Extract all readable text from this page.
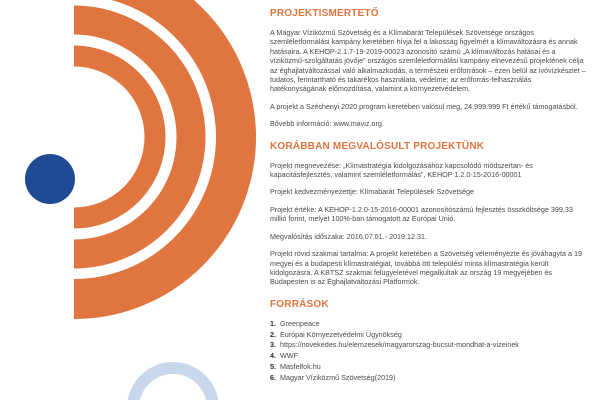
PROJEKTISMERTETŐ

A Magyar Víziközmű Szövetség és a Klímabarát Települések Szövetsége országos szemléletformálási kampány keretében hívja fel a lakosság figyelmét a klímaváltozásra és annak hatásaira. A KEHOP-2.1.7-19-2019-00023 azonosító számú „A klímaváltozás hatásai és a víziközmű-szolgáltatás jövője” országos szemléletformálási kampány elnevezésű projektének célja az éghajlatváltozással való alkalmazkodás, a természeti erőforrások – ezen belül az ivóvízkészlet – tudatos, fenntartható és takarékos használata, védelme; az erőforrás-felhasználás hatékonyságának előmozdítása, valamint a környezetvédelem.

A projekt a Széchenyi 2020 program keretében valósul meg, 24.999.999 Ft értékű támogatásból.

Bővebb információ: www.maviz.org.

KORÁBBAN MEGVALÓSULT PROJEKTÜNK

Projekt megnevezése: „Klímastratégia kidolgozásához kapcsolódó módszertan- és kapacitásfejlesztés, valamint szemléletformálás”, KEHOP 1.2.0-15-2016-00001

Projekt kedvezményezettje: Klímabarát Települések Szövetsége

Projekt értéke: A KEHOP-1.2.0-15-2016-00001 azonosítószámú fejlesztés összköltsége 399,33 millió forint, melyet 100%-ban támogatott az Európai Unió.

Megvalósítás időszaka: 2016.07.01.- 2019.12.31.

Projekt rövid szakmai tartalma: A projekt keretében a Szövetség véleményezte és jóváhagyta a 19 megyei és a budapesti klímastratégiát, továbbá ött települési minta klímastratégia került kidolgozásra. A KBTSZ szakmai felügyeletével megalkultak az ország 19 megyéjében és Budapesten is az Éghajlatváltozási Platformok.

FORRÁSOK
1. Greenpeace
2. Európai Környezetvédelmi Ügynökség
3. https://novekedes.hu/elemzesek/magyarorszag-bucsut-mondhat-a-vizeinek
4. WWF
5. Masfelfok.hu
6. Magyar Víziközmű Szövetség(2019)
